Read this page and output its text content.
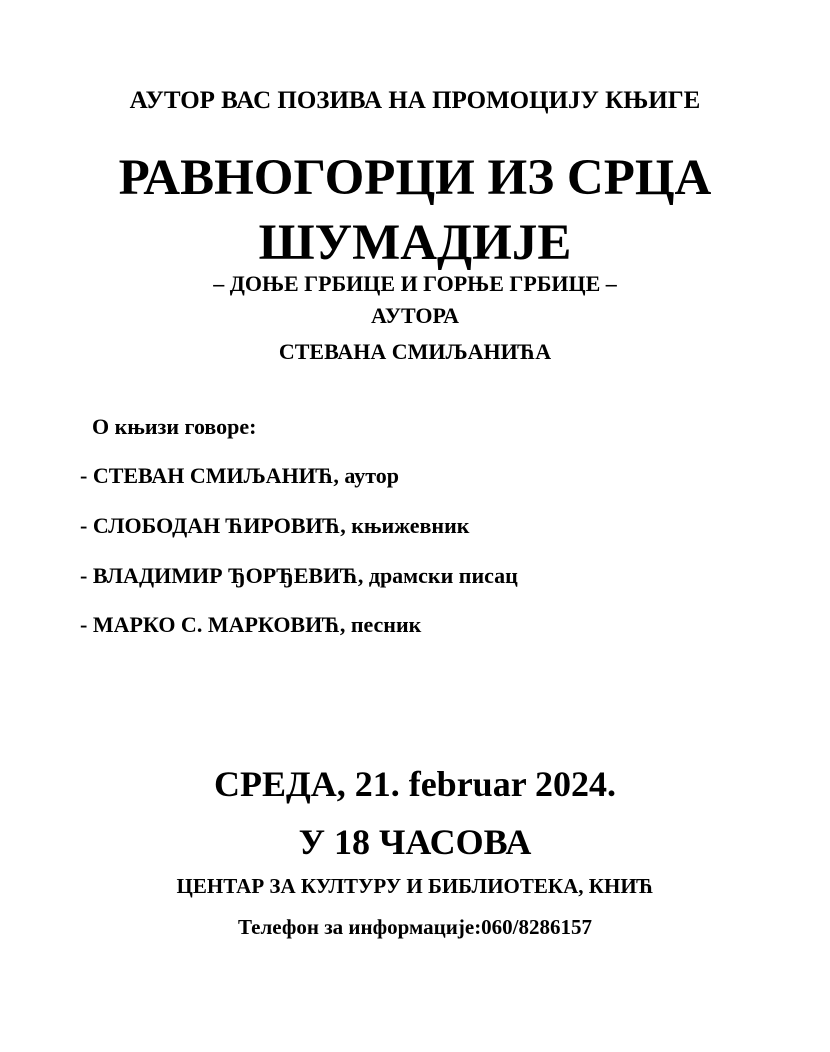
АУТОР ВАС ПОЗИВА НА ПРОМОЦИЈУ КЊИГЕ
РАВНОГОРЦИ ИЗ СРЦА
ШУМАДИЈЕ
– ДОЊЕ ГРБИЦЕ И ГОРЊЕ ГРБИЦЕ –
АУТОРА
СТЕВАНА СМИЉАНИЋА
О књизи говоре:
- СТЕВАН СМИЉАНИЋ, аутор
- СЛОБОДАН ЋИРОВИЋ, књижевник
- ВЛАДИМИР ЂОРЂЕВИЋ, драмски писац
- МАРКО С. МАРКОВИЋ, песник
СРЕДА, 21. februar 2024.
У 18 ЧАСОВА
ЦЕНТАР ЗА КУЛТУРУ И БИБЛИОТЕКА, КНИЋ
Телефон за информације:060/8286157
